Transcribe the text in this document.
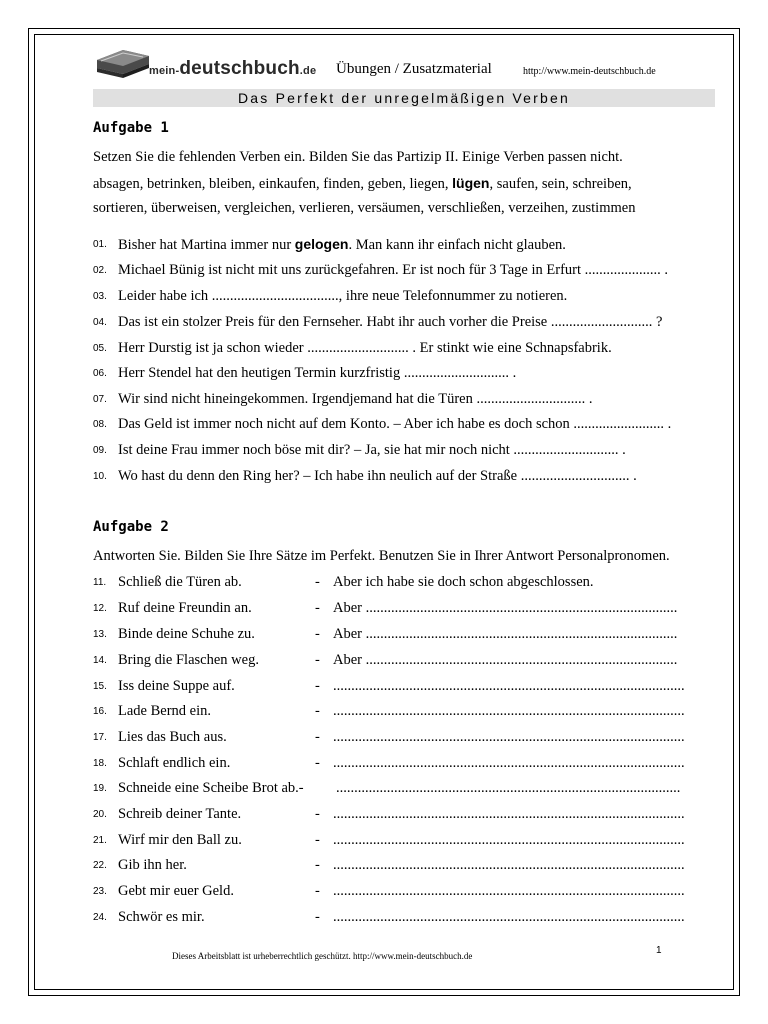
mein-deutschbuch.de Übungen / Zusatzmaterial	http://www.mein-deutschbuch.de
Das Perfekt der unregelmäßigen Verben
Aufgabe 1
Setzen Sie die fehlenden Verben ein. Bilden Sie das Partizip II. Einige Verben passen nicht.
absagen, betrinken, bleiben, einkaufen, finden, geben, liegen, lügen, saufen, sein, schreiben,
sortieren, überweisen, vergleichen, verlieren, versäumen, verschließen, verzeihen, zustimmen
01. Bisher hat Martina immer nur gelogen. Man kann ihr einfach nicht glauben.
02. Michael Bünig ist nicht mit uns zurückgefahren. Er ist noch für 3 Tage in Erfurt ..................... .
03. Leider habe ich ..................................., ihre neue Telefonnummer zu notieren.
04. Das ist ein stolzer Preis für den Fernseher. Habt ihr auch vorher die Preise ............................ ?
05. Herr Durstig ist ja schon wieder ............................ . Er stinkt wie eine Schnapsfabrik.
06. Herr Stendel hat den heutigen Termin kurzfristig ............................. .
07. Wir sind nicht hineingekommen. Irgendjemand hat die Türen .............................. .
08. Das Geld ist immer noch nicht auf dem Konto. – Aber ich habe es doch schon ......................... .
09. Ist deine Frau immer noch böse mit dir? – Ja, sie hat mir noch nicht ............................. .
10. Wo hast du denn den Ring her? – Ich habe ihn neulich auf der Straße .............................. .
Aufgabe 2
Antworten Sie. Bilden Sie Ihre Sätze im Perfekt. Benutzen Sie in Ihrer Antwort Personalpronomen.
11. Schließ die Türen ab.	- Aber ich habe sie doch schon abgeschlossen.
12. Ruf deine Freundin an.	- Aber ......................................................................................
13. Binde deine Schuhe zu.	- Aber ......................................................................................
14. Bring die Flaschen weg.	- Aber ......................................................................................
15. Iss deine Suppe auf.	- .................................................................................................
16. Lade Bernd ein.	- .................................................................................................
17. Lies das Buch aus.	- .................................................................................................
18. Schlaft endlich ein.	- .................................................................................................
19. Schneide eine Scheibe Brot ab.- ...............................................................................................
20. Schreib deiner Tante.	- .................................................................................................
21. Wirf mir den Ball zu.	- .................................................................................................
22. Gib ihn her.	- .................................................................................................
23. Gebt mir euer Geld.	- .................................................................................................
24. Schwör es mir.	- .................................................................................................
Dieses Arbeitsblatt ist urheberrechtlich geschützt. http://www.mein-deutschbuch.de	1
